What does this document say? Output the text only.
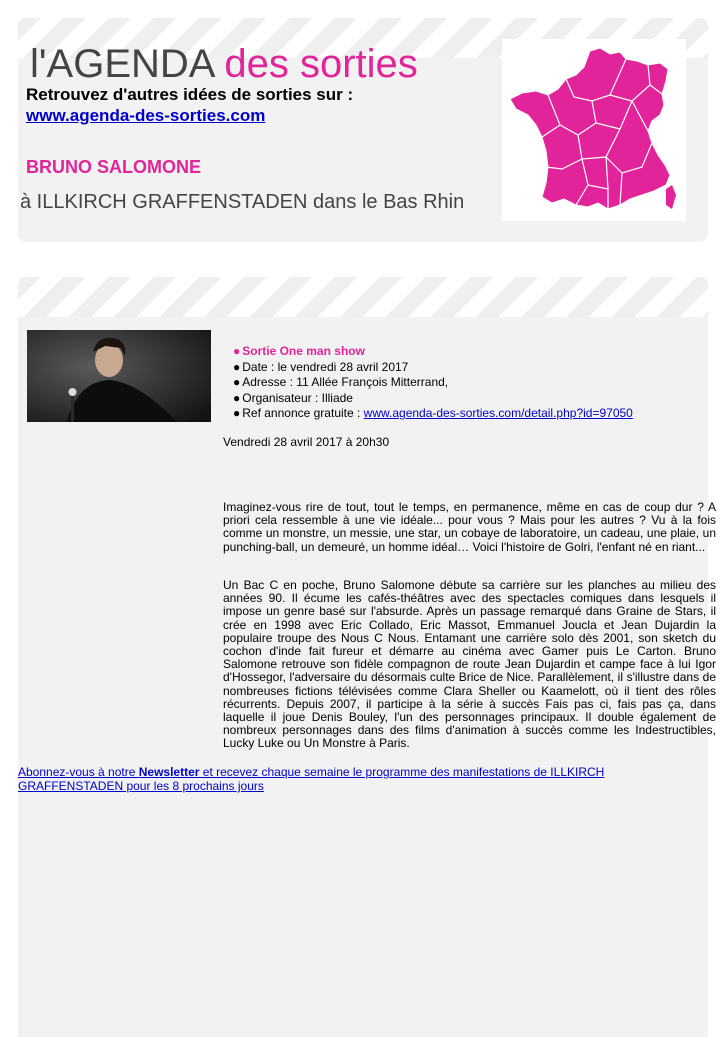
l'AGENDA des sorties
Retrouvez d'autres idées de sorties sur :
www.agenda-des-sorties.com
BRUNO SALOMONE
à ILLKIRCH GRAFFENSTADEN dans le Bas Rhin
● Sortie One man show
● Date : le vendredi 28 avril 2017
● Adresse : 11 Allée François Mitterrand,
● Organisateur : Illiade
● Ref annonce gratuite : www.agenda-des-sorties.com/detail.php?id=97050
Vendredi 28 avril 2017 à 20h30
Imaginez-vous rire de tout, tout le temps, en permanence, même en cas de coup dur ? A priori cela ressemble à une vie idéale... pour vous ? Mais pour les autres ? Vu à la fois comme un monstre, un messie, une star, un cobaye de laboratoire, un cadeau, une plaie, un punching-ball, un demeuré, un homme idéal… Voici l'histoire de Golri, l'enfant né en riant...
Un Bac C en poche, Bruno Salomone débute sa carrière sur les planches au milieu des années 90. Il écume les cafés-théâtres avec des spectacles comiques dans lesquels il impose un genre basé sur l'absurde. Après un passage remarqué dans Graine de Stars, il crée en 1998 avec Eric Collado, Eric Massot, Emmanuel Joucla et Jean Dujardin la populaire troupe des Nous C Nous. Entamant une carrière solo dès 2001, son sketch du cochon d'inde fait fureur et démarre au cinéma avec Gamer puis Le Carton. Bruno Salomone retrouve son fidèle compagnon de route Jean Dujardin et campe face à lui Igor d'Hossegor, l'adversaire du désormais culte Brice de Nice. Parallèlement, il s'illustre dans de nombreuses fictions télévisées comme Clara Sheller ou Kaamelott, où il tient des rôles récurrents. Depuis 2007, il participe à la série à succès Fais pas ci, fais pas ça, dans laquelle il joue Denis Bouley, l'un des personnages principaux. Il double également de nombreux personnages dans des films d'animation à succès comme les Indestructibles, Lucky Luke ou Un Monstre à Paris.
Abonnez-vous à notre Newsletter et recevez chaque semaine le programme des manifestations de ILLKIRCH GRAFFENSTADEN pour les 8 prochains jours
